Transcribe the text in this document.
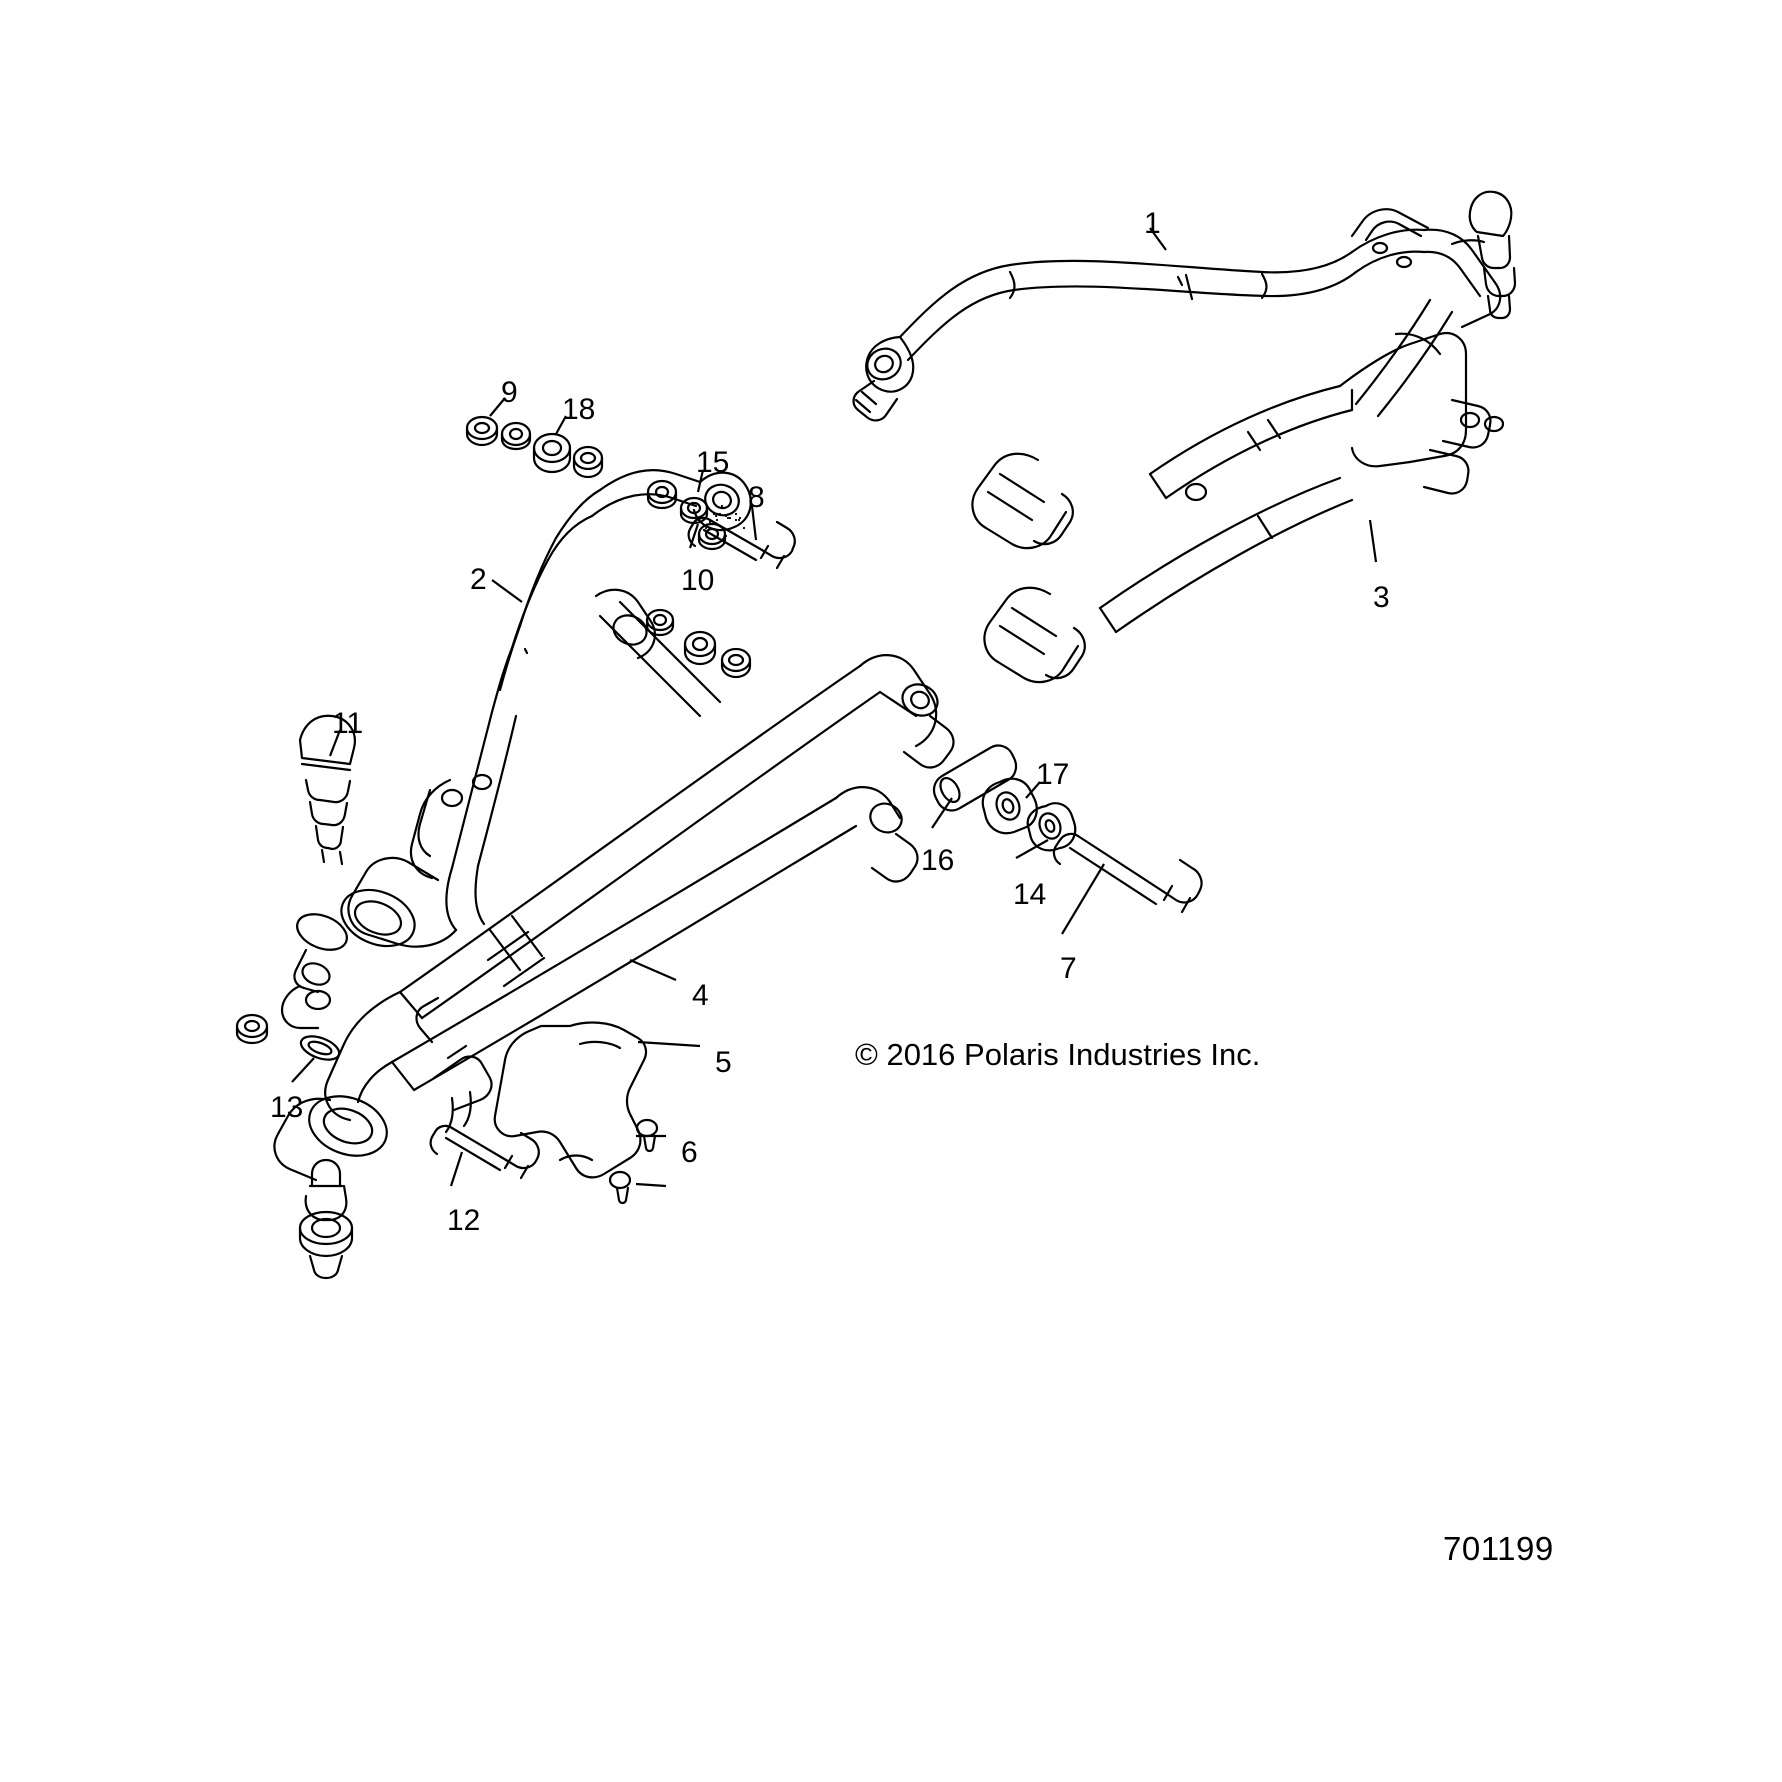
1
2
3
4
5
6
7
8
9
10
11
12
13
14
15
16
17
18
© 2016 Polaris Industries Inc.
701199
